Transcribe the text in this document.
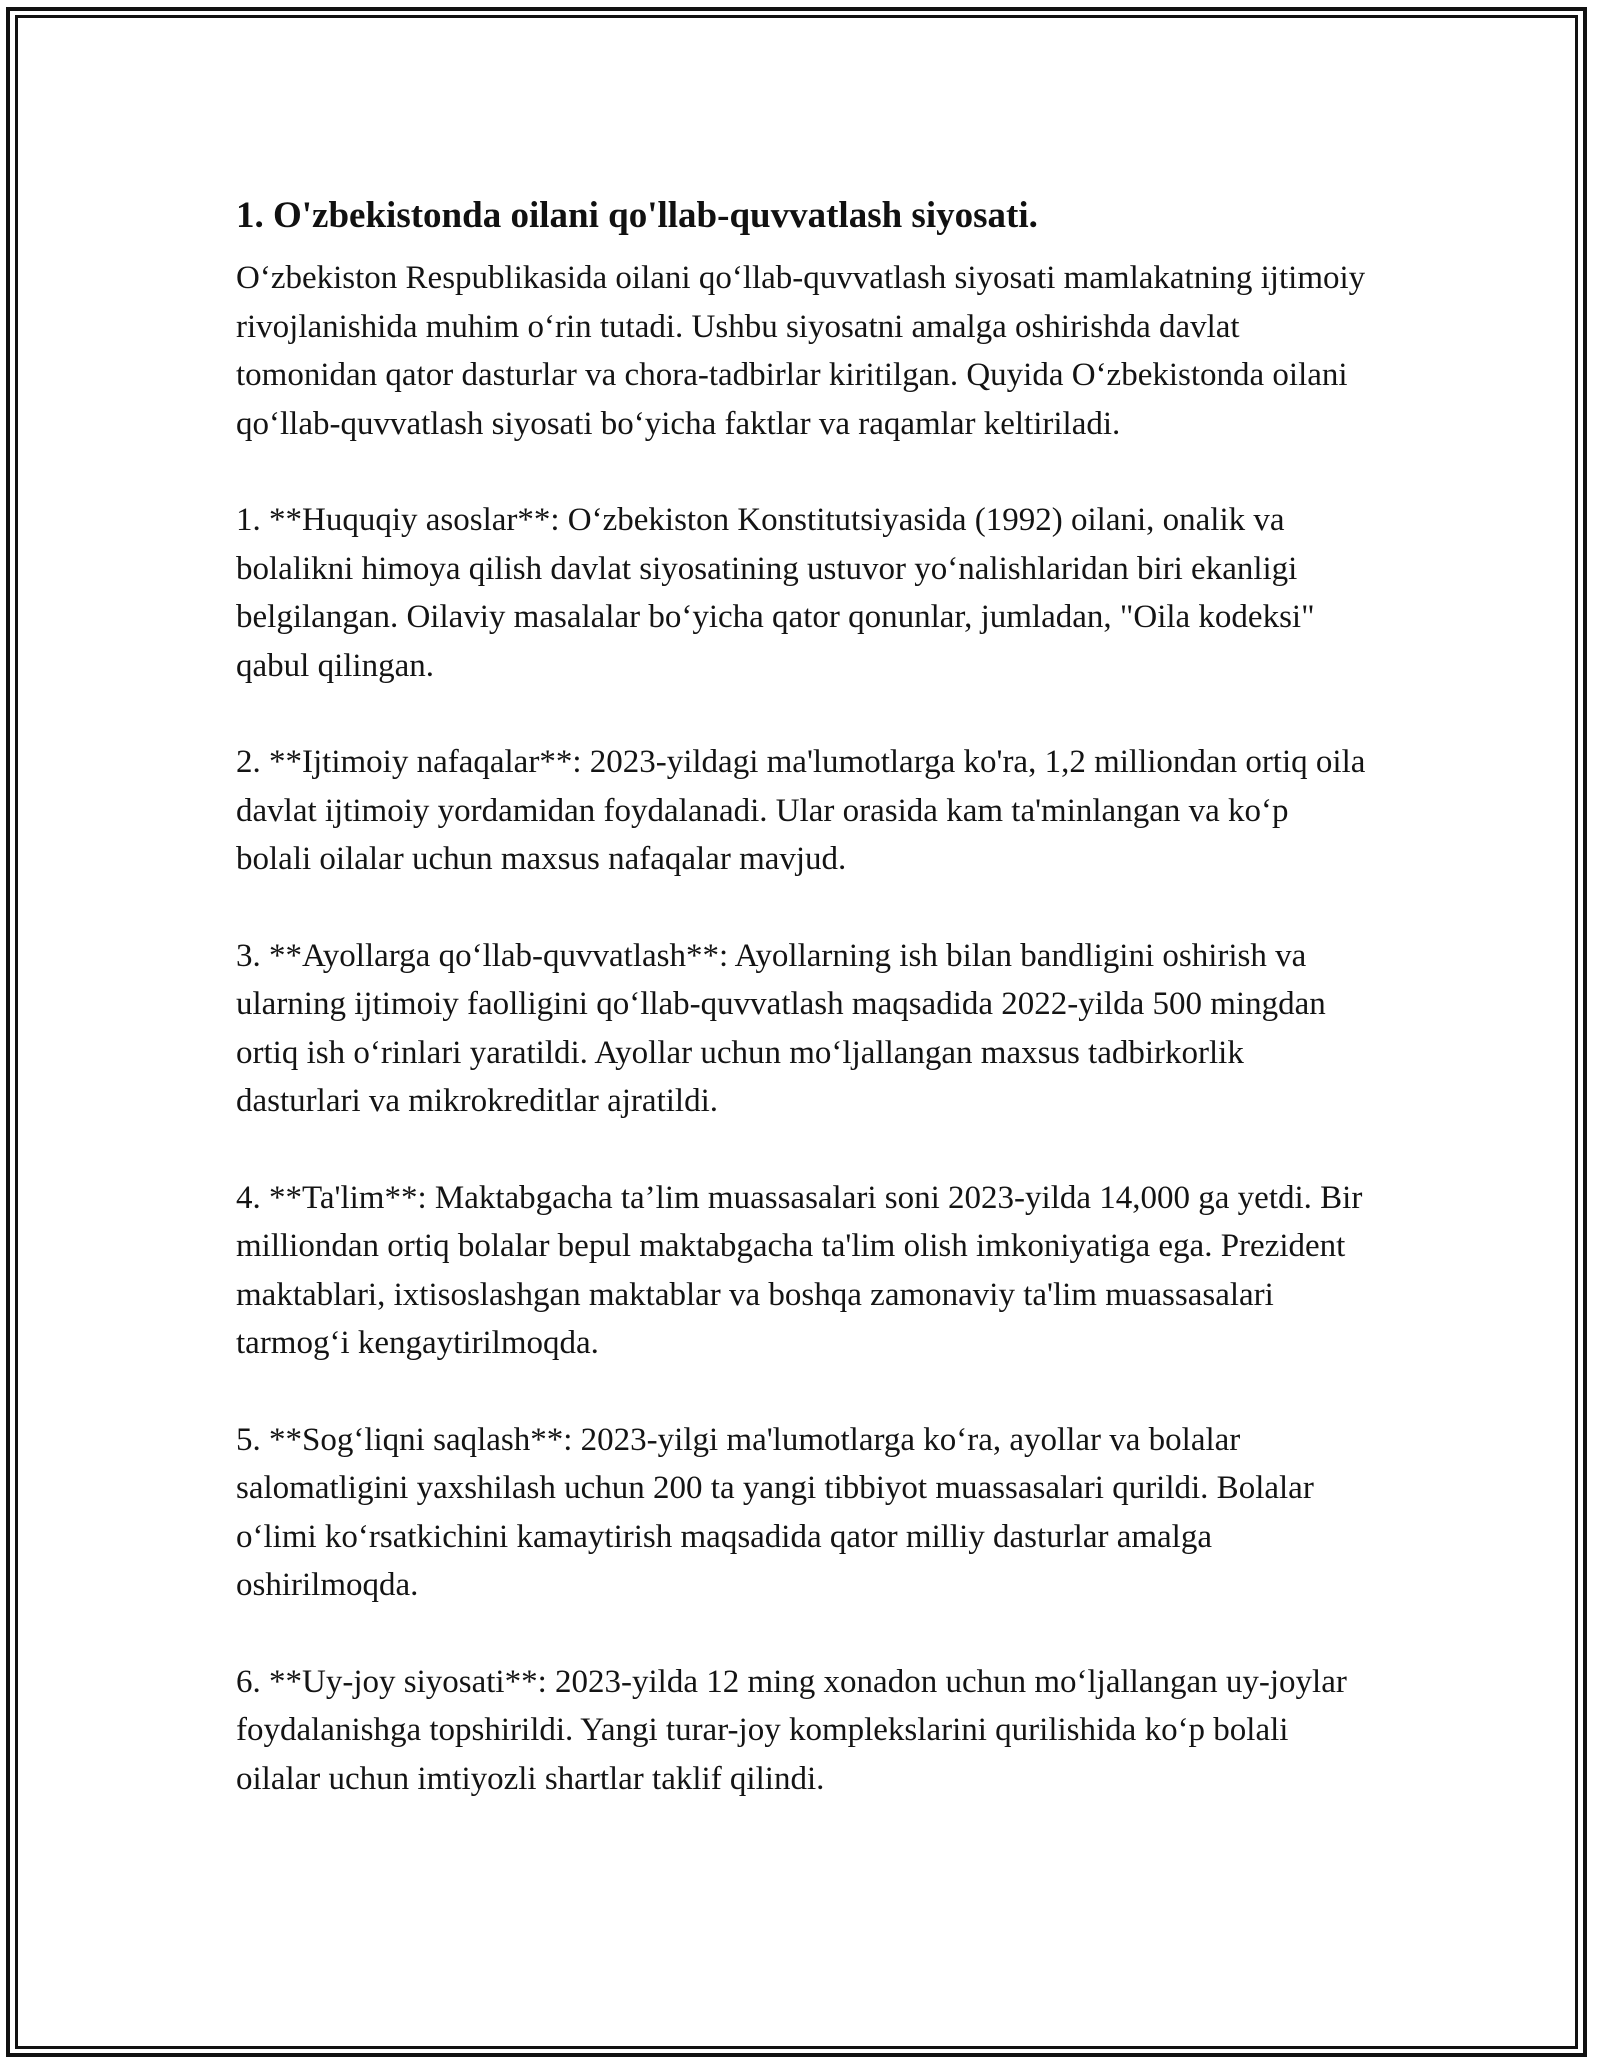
1. O'zbekistonda oilani qo'llab-quvvatlash siyosati.

O‘zbekiston Respublikasida oilani qo‘llab-quvvatlash siyosati mamlakatning ijtimoiy rivojlanishida muhim o‘rin tutadi. Ushbu siyosatni amalga oshirishda davlat tomonidan qator dasturlar va chora-tadbirlar kiritilgan. Quyida O‘zbekistonda oilani qo‘llab-quvvatlash siyosati bo‘yicha faktlar va raqamlar keltiriladi.

1. **Huquqiy asoslar**: O‘zbekiston Konstitutsiyasida (1992) oilani, onalik va bolalikni himoya qilish davlat siyosatining ustuvor yo‘nalishlaridan biri ekanligi belgilangan. Oilaviy masalalar bo‘yicha qator qonunlar, jumladan, "Oila kodeksi" qabul qilingan.

2. **Ijtimoiy nafaqalar**: 2023-yildagi ma'lumotlarga ko'ra, 1,2 milliondan ortiq oila davlat ijtimoiy yordamidan foydalanadi. Ular orasida kam ta'minlangan va ko‘p bolali oilalar uchun maxsus nafaqalar mavjud.

3. **Ayollarga qo‘llab-quvvatlash**: Ayollarning ish bilan bandligini oshirish va ularning ijtimoiy faolligini qo‘llab-quvvatlash maqsadida 2022-yilda 500 mingdan ortiq ish o‘rinlari yaratildi. Ayollar uchun mo‘ljallangan maxsus tadbirkorlik dasturlari va mikrokreditlar ajratildi.

4. **Ta'lim**: Maktabgacha ta’lim muassasalari soni 2023-yilda 14,000 ga yetdi. Bir milliondan ortiq bolalar bepul maktabgacha ta'lim olish imkoniyatiga ega. Prezident maktablari, ixtisoslashgan maktablar va boshqa zamonaviy ta'lim muassasalari tarmog‘i kengaytirilmoqda.

5. **Sog‘liqni saqlash**: 2023-yilgi ma'lumotlarga ko‘ra, ayollar va bolalar salomatligini yaxshilash uchun 200 ta yangi tibbiyot muassasalari qurildi. Bolalar o‘limi ko‘rsatkichini kamaytirish maqsadida qator milliy dasturlar amalga oshirilmoqda.

6. **Uy-joy siyosati**: 2023-yilda 12 ming xonadon uchun mo‘ljallangan uy-joylar foydalanishga topshirildi. Yangi turar-joy komplekslarini qurilishida ko‘p bolali oilalar uchun imtiyozli shartlar taklif qilindi.
